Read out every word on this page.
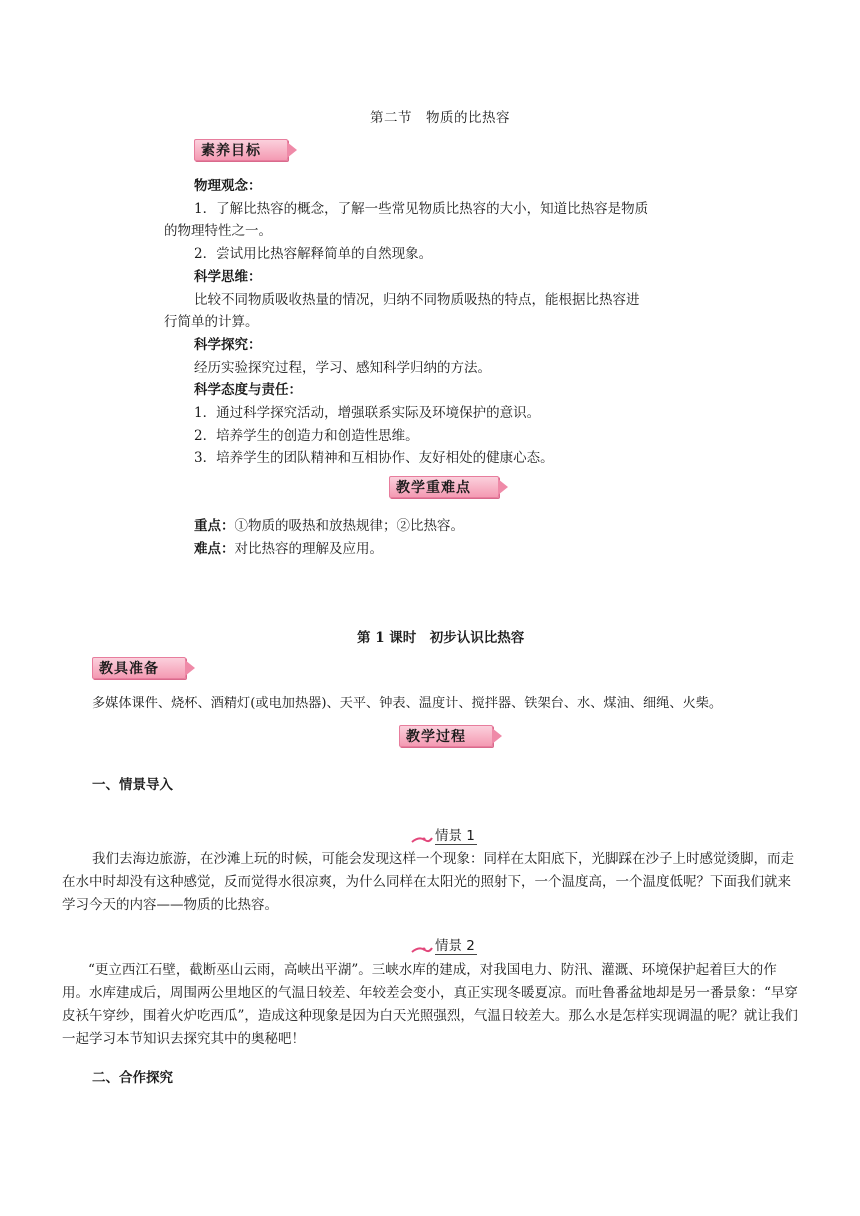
第二节　物质的比热容
素养目标
物理观念：
1．了解比热容的概念，了解一些常见物质比热容的大小，知道比热容是物质
的物理特性之一。
2．尝试用比热容解释简单的自然现象。
科学思维：
比较不同物质吸收热量的情况，归纳不同物质吸热的特点，能根据比热容进
行简单的计算。
科学探究：
经历实验探究过程，学习、感知科学归纳的方法。
科学态度与责任：
1．通过科学探究活动，增强联系实际及环境保护的意识。
2．培养学生的创造力和创造性思维。
3．培养学生的团队精神和互相协作、友好相处的健康心态。
教学重难点
重点：①物质的吸热和放热规律；②比热容。
难点：对比热容的理解及应用。
第 1 课时　初步认识比热容
教具准备
多媒体课件、烧杯、酒精灯(或电加热器)、天平、钟表、温度计、搅拌器、铁架台、水、煤油、细绳、火柴。
教学过程
一、情景导入
情景 1
我们去海边旅游，在沙滩上玩的时候，可能会发现这样一个现象：同样在太阳底下，光脚踩在沙子上时感觉烫脚，而走在水中时却没有这种感觉，反而觉得水很凉爽，为什么同样在太阳光的照射下，一个温度高，一个温度低呢？下面我们就来学习今天的内容——物质的比热容。
情景 2
“更立西江石壁，截断巫山云雨，高峡出平湖”。三峡水库的建成，对我国电力、防汛、灌溉、环境保护起着巨大的作用。水库建成后，周围两公里地区的气温日较差、年较差会变小，真正实现冬暖夏凉。而吐鲁番盆地却是另一番景象：“早穿皮袄午穿纱，围着火炉吃西瓜”，造成这种现象是因为白天光照强烈，气温日较差大。那么水是怎样实现调温的呢？就让我们一起学习本节知识去探究其中的奥秘吧！
二、合作探究
